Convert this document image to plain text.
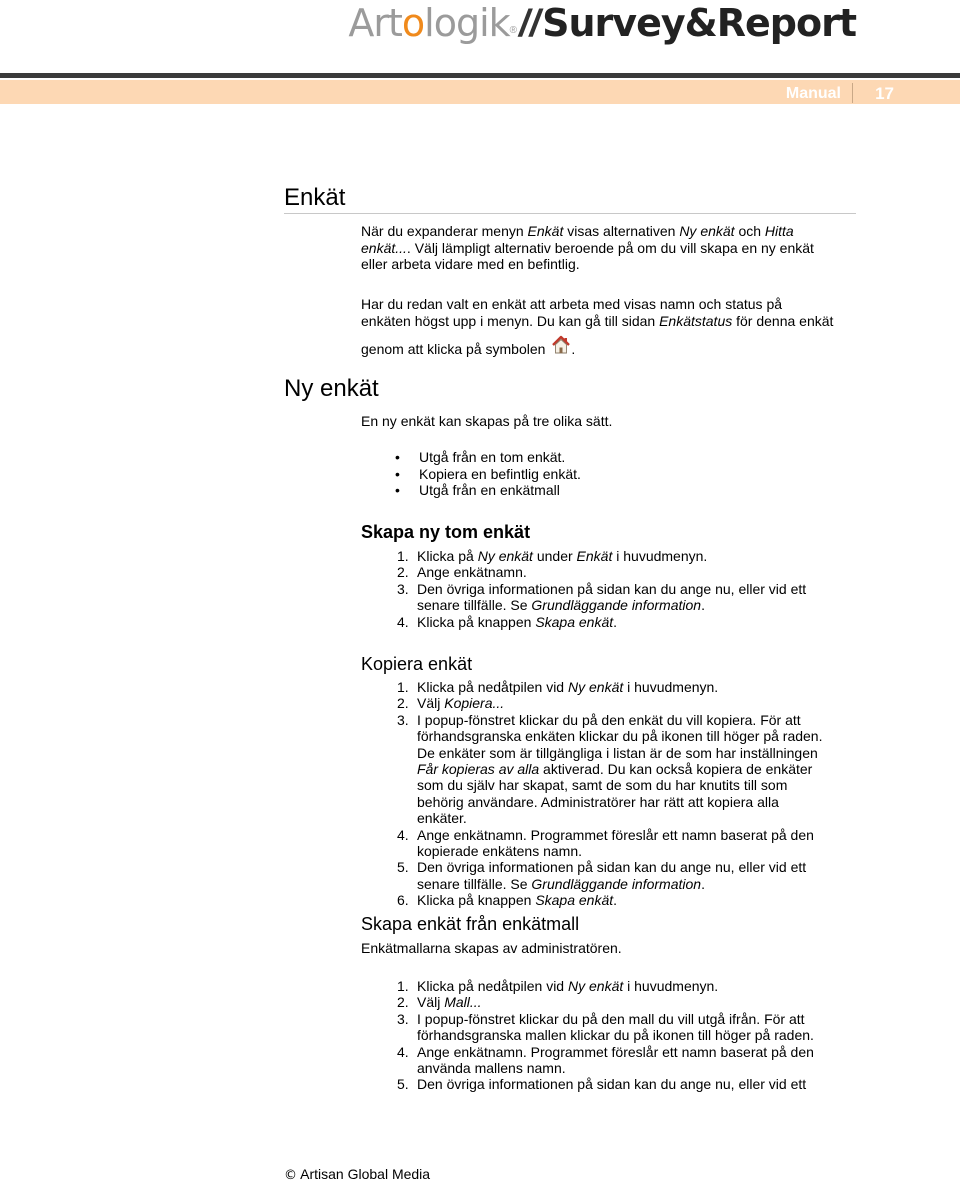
Artologik®//Survey&Report
Manual 17
Enkät
När du expanderar menyn Enkät visas alternativen Ny enkät och Hitta enkät.... Välj lämpligt alternativ beroende på om du vill skapa en ny enkät eller arbeta vidare med en befintlig.
Har du redan valt en enkät att arbeta med visas namn och status på
enkäten högst upp i menyn. Du kan gå till sidan Enkätstatus för denna enkät
genom att klicka på symbolen .
Ny enkät
En ny enkät kan skapas på tre olika sätt.
• Utgå från en tom enkät.
• Kopiera en befintlig enkät.
• Utgå från en enkätmall
Skapa ny tom enkät
1. Klicka på Ny enkät under Enkät i huvudmenyn.
2. Ange enkätnamn.
3. Den övriga informationen på sidan kan du ange nu, eller vid ett senare tillfälle. Se Grundläggande information.
4. Klicka på knappen Skapa enkät.
Kopiera enkät
1. Klicka på nedåtpilen vid Ny enkät i huvudmenyn.
2. Välj Kopiera...
3. I popup-fönstret klickar du på den enkät du vill kopiera. För att förhandsgranska enkäten klickar du på ikonen till höger på raden. De enkäter som är tillgängliga i listan är de som har inställningen Får kopieras av alla aktiverad. Du kan också kopiera de enkäter som du själv har skapat, samt de som du har knutits till som behörig användare. Administratörer har rätt att kopiera alla enkäter.
4. Ange enkätnamn. Programmet föreslår ett namn baserat på den kopierade enkätens namn.
5. Den övriga informationen på sidan kan du ange nu, eller vid ett senare tillfälle. Se Grundläggande information.
6. Klicka på knappen Skapa enkät.
Skapa enkät från enkätmall
Enkätmallarna skapas av administratören.
1. Klicka på nedåtpilen vid Ny enkät i huvudmenyn.
2. Välj Mall...
3. I popup-fönstret klickar du på den mall du vill utgå ifrån. För att förhandsgranska mallen klickar du på ikonen till höger på raden.
4. Ange enkätnamn. Programmet föreslår ett namn baserat på den använda mallens namn.
5. Den övriga informationen på sidan kan du ange nu, eller vid ett
© Artisan Global Media
